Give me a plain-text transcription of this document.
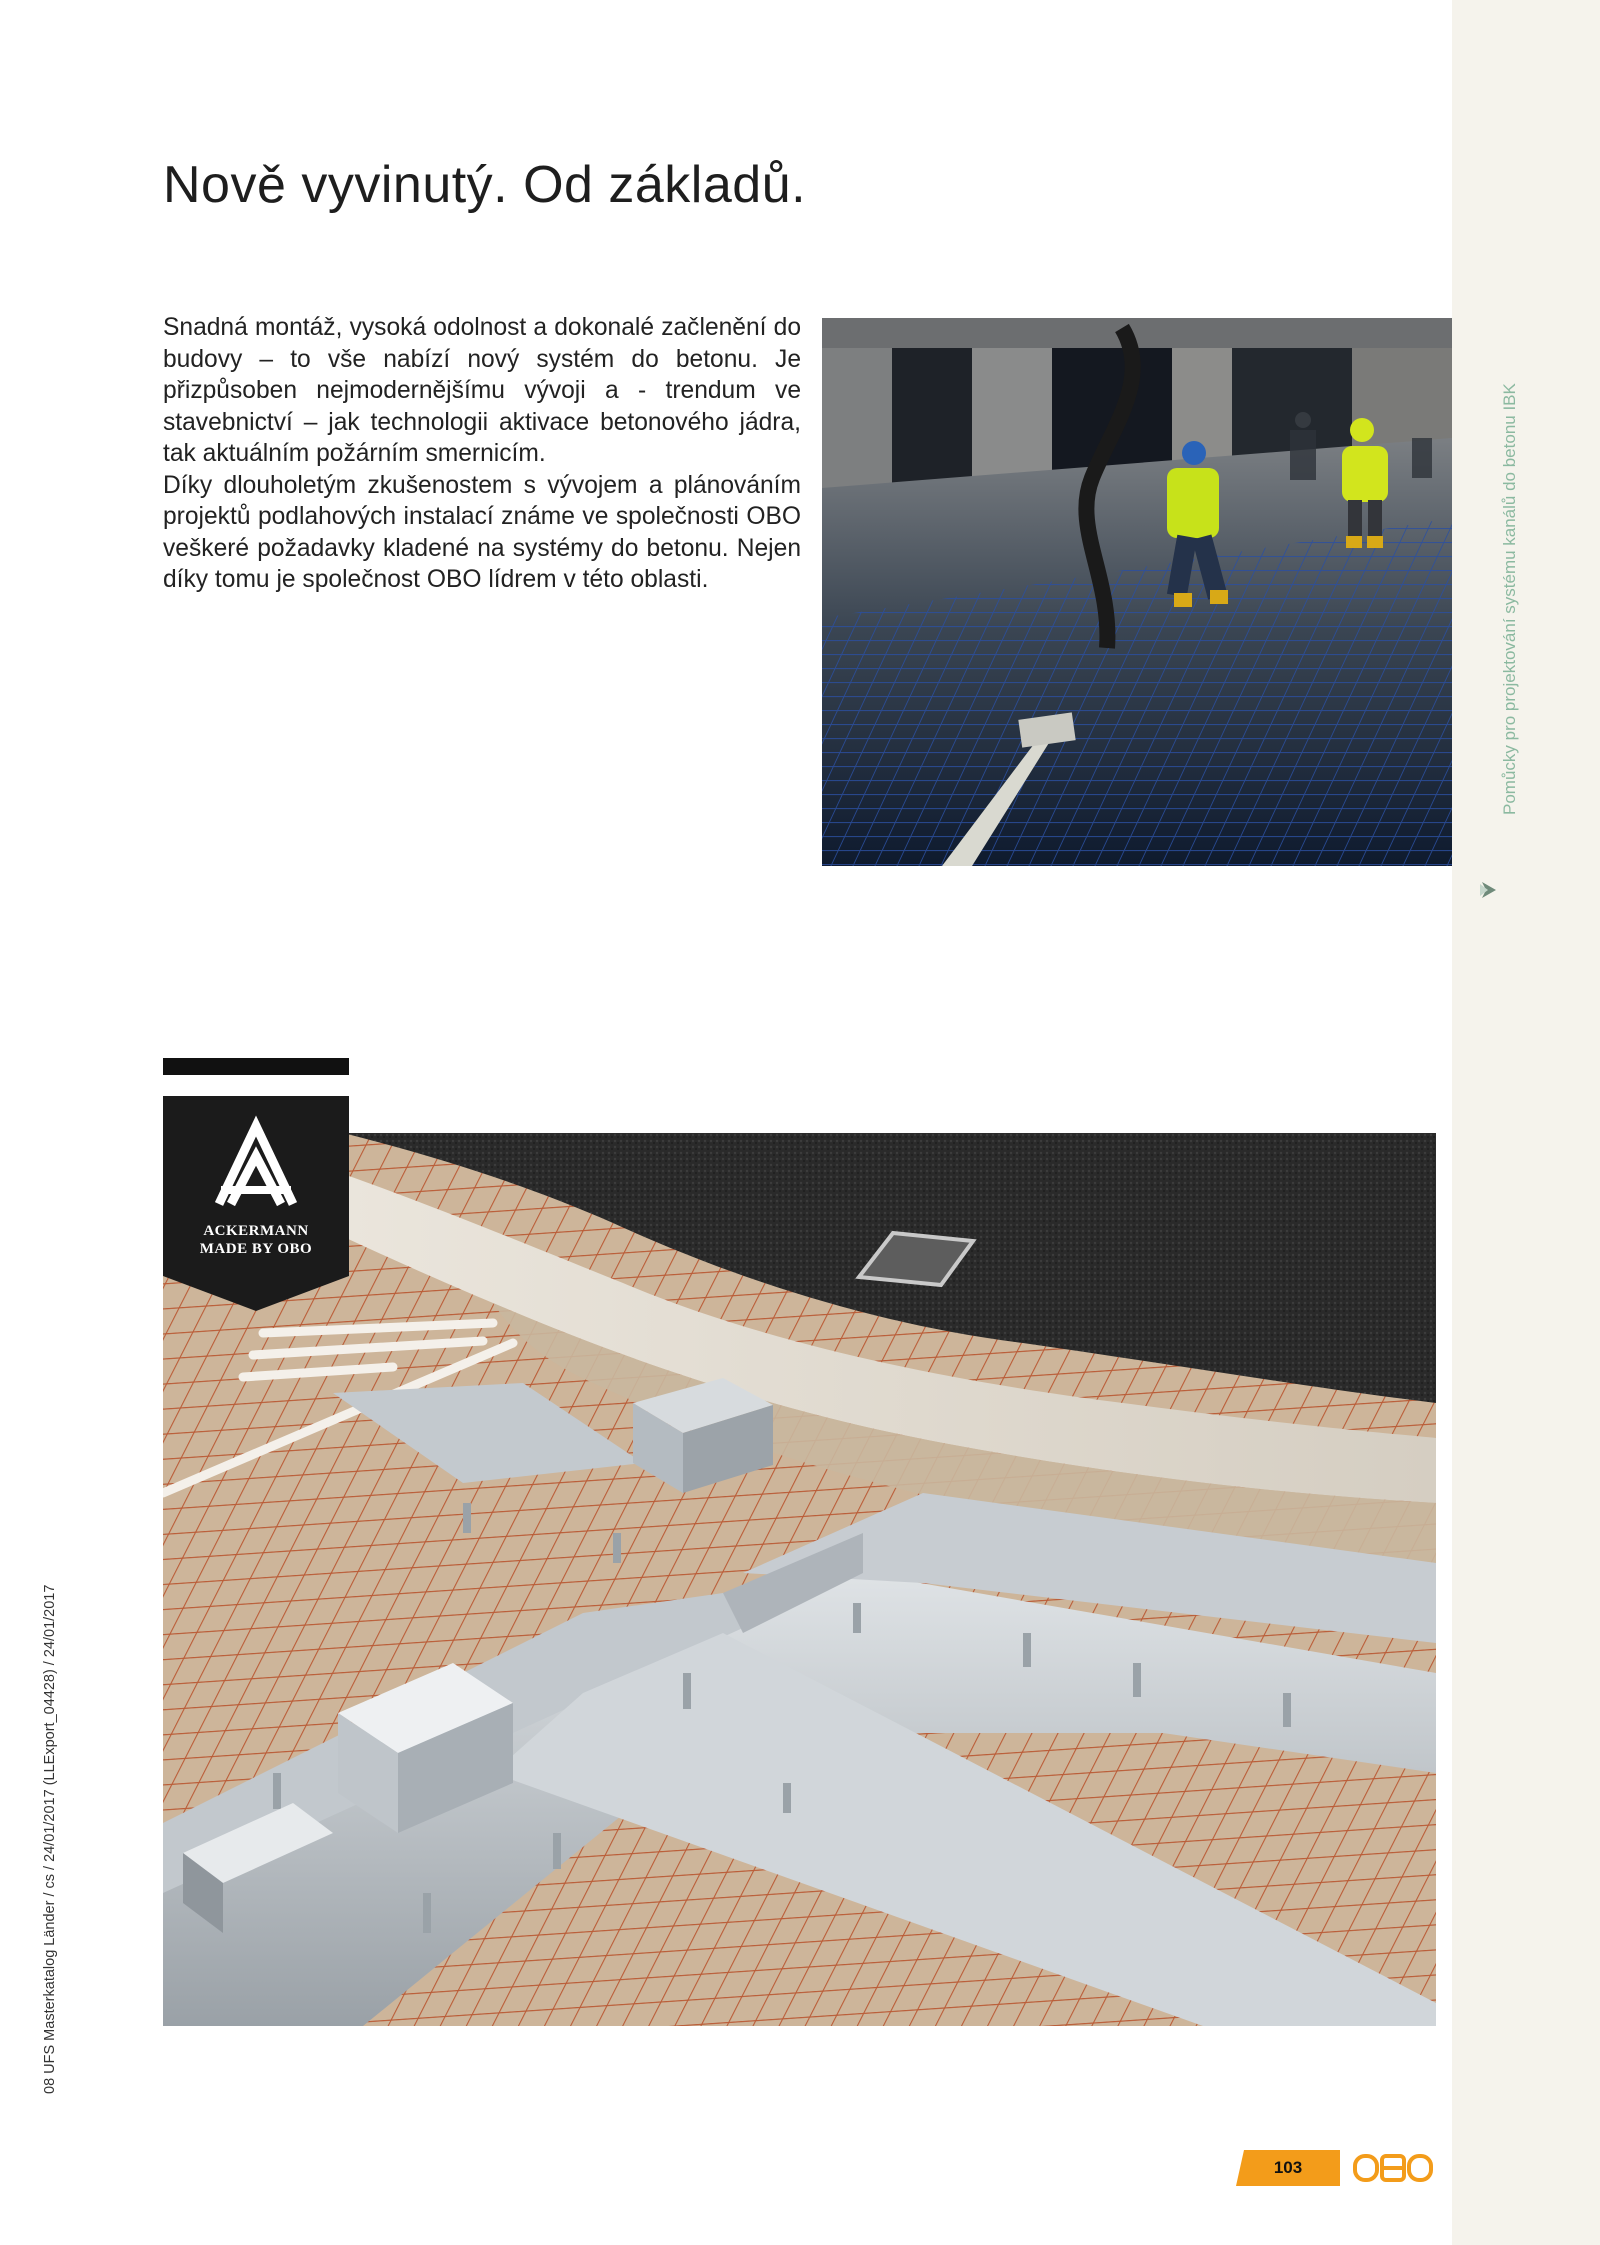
Nově vyvinutý. Od základů.

Snadná montáž, vysoká odolnost a dokonalé začlenění do budovy – to vše nabízí nový systém do betonu. Je přizpůsoben nejmodernějšímu vývoji a - trendum ve stavebnictví – jak technologii aktivace betonového jádra, tak aktuálním požárním smernicím.

Díky dlouholetým zkušenostem s vývojem a plánováním projektů podlahových instalací známe ve společnosti OBO veškeré požadavky kladené na systémy do betonu. Nejen díky tomu je společnost OBO lídrem v této oblasti.	Pomůcky pro projektování systému kanálů do betonu IBK
ACKERMANN
MADE BY OBO
08 UFS Masterkatalog Länder / cs / 24/01/2017 (LLExport_04428) / 24/01/2017
103
